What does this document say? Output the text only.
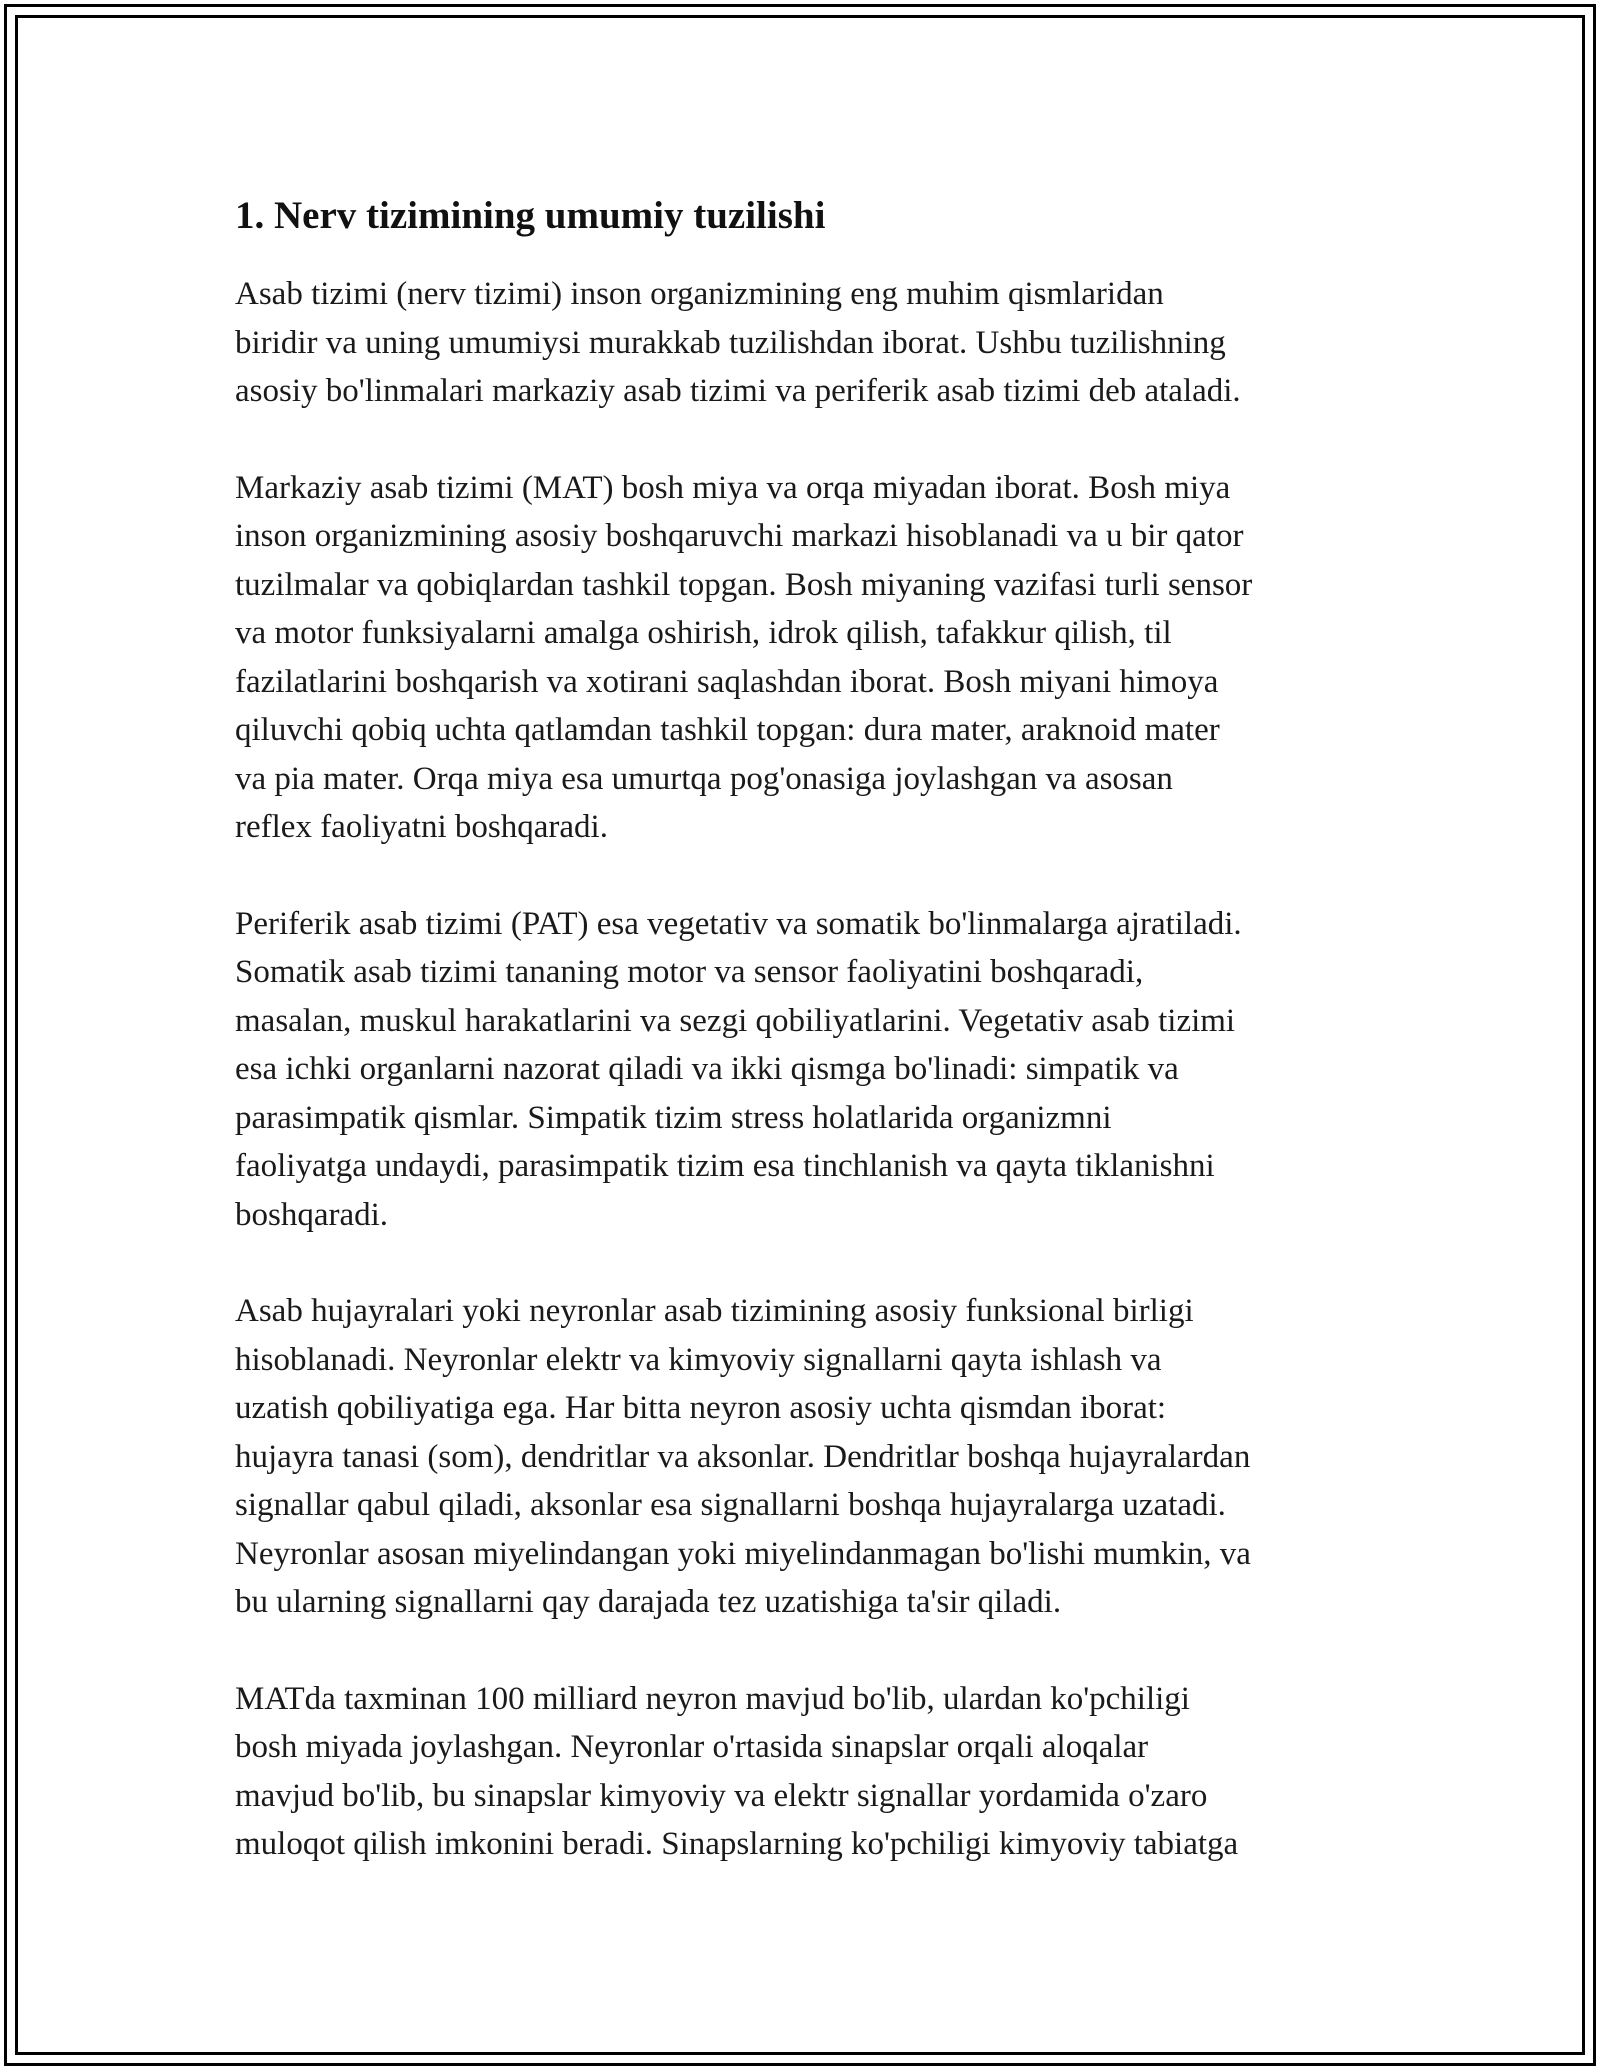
1. Nerv tizimining umumiy tuzilishi

Asab tizimi (nerv tizimi) inson organizmining eng muhim qismlaridan
biridir va uning umumiysi murakkab tuzilishdan iborat. Ushbu tuzilishning
asosiy bo'linmalari markaziy asab tizimi va periferik asab tizimi deb ataladi.

Markaziy asab tizimi (MAT) bosh miya va orqa miyadan iborat. Bosh miya
inson organizmining asosiy boshqaruvchi markazi hisoblanadi va u bir qator
tuzilmalar va qobiqlardan tashkil topgan. Bosh miyaning vazifasi turli sensor
va motor funksiyalarni amalga oshirish, idrok qilish, tafakkur qilish, til
fazilatlarini boshqarish va xotirani saqlashdan iborat. Bosh miyani himoya
qiluvchi qobiq uchta qatlamdan tashkil topgan: dura mater, araknoid mater
va pia mater. Orqa miya esa umurtqa pog'onasiga joylashgan va asosan
reflex faoliyatni boshqaradi.

Periferik asab tizimi (PAT) esa vegetativ va somatik bo'linmalarga ajratiladi.
Somatik asab tizimi tananing motor va sensor faoliyatini boshqaradi,
masalan, muskul harakatlarini va sezgi qobiliyatlarini. Vegetativ asab tizimi
esa ichki organlarni nazorat qiladi va ikki qismga bo'linadi: simpatik va
parasimpatik qismlar. Simpatik tizim stress holatlarida organizmni
faoliyatga undaydi, parasimpatik tizim esa tinchlanish va qayta tiklanishni
boshqaradi.

Asab hujayralari yoki neyronlar asab tizimining asosiy funksional birligi
hisoblanadi. Neyronlar elektr va kimyoviy signallarni qayta ishlash va
uzatish qobiliyatiga ega. Har bitta neyron asosiy uchta qismdan iborat:
hujayra tanasi (som), dendritlar va aksonlar. Dendritlar boshqa hujayralardan
signallar qabul qiladi, aksonlar esa signallarni boshqa hujayralarga uzatadi.
Neyronlar asosan miyelindangan yoki miyelindanmagan bo'lishi mumkin, va
bu ularning signallarni qay darajada tez uzatishiga ta'sir qiladi.

MATda taxminan 100 milliard neyron mavjud bo'lib, ulardan ko'pchiligi
bosh miyada joylashgan. Neyronlar o'rtasida sinapslar orqali aloqalar
mavjud bo'lib, bu sinapslar kimyoviy va elektr signallar yordamida o'zaro
muloqot qilish imkonini beradi. Sinapslarning ko'pchiligi kimyoviy tabiatga
